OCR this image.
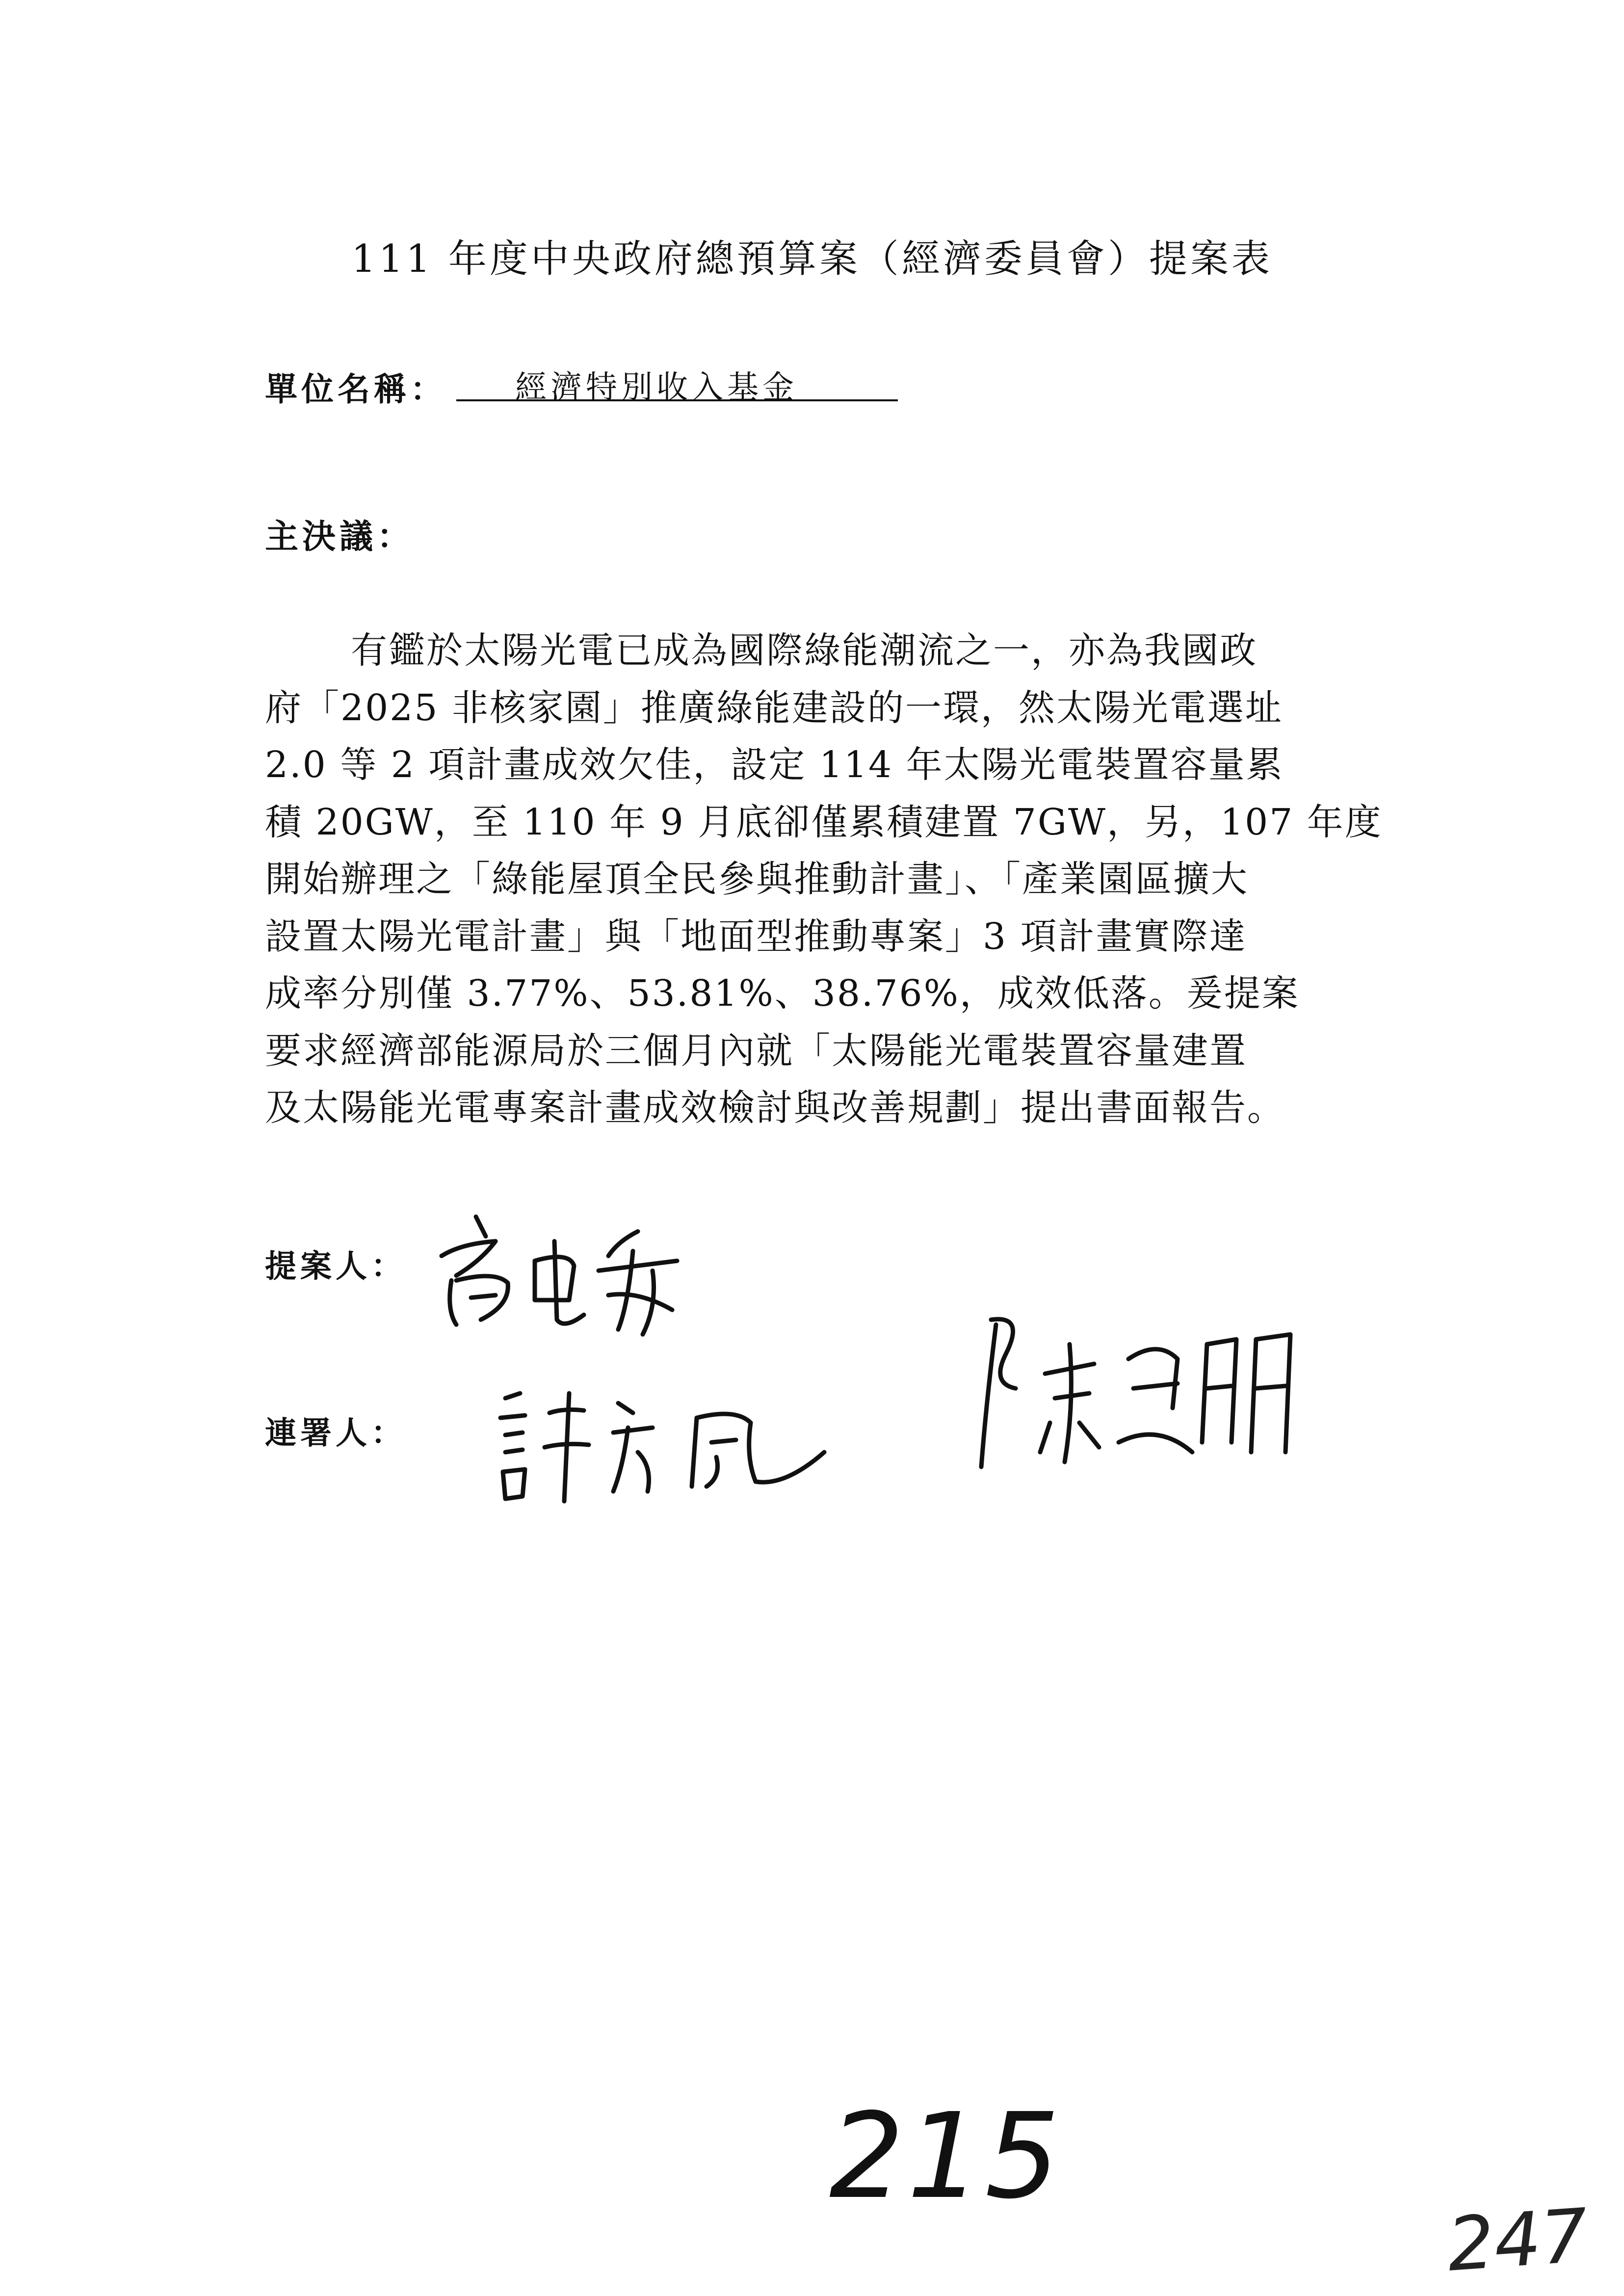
111 年度中央政府總預算案（經濟委員會）提案表
單位名稱：	經濟特別收入基金
主決議：
有鑑於太陽光電已成為國際綠能潮流之一，亦為我國政
府「2025 非核家園」推廣綠能建設的一環，然太陽光電選址
2.0 等 2 項計畫成效欠佳，設定 114 年太陽光電裝置容量累
積 20GW，至 110 年 9 月底卻僅累積建置 7GW，另，107 年度
開始辦理之「綠能屋頂全民參與推動計畫」、「產業園區擴大
設置太陽光電計畫」與「地面型推動專案」3 項計畫實際達
成率分別僅 3.77%、53.81%、38.76%，成效低落。爰提案
要求經濟部能源局於三個月內就「太陽能光電裝置容量建置
及太陽能光電專案計畫成效檢討與改善規劃」提出書面報告。
提案人：
連署人：
215
247
